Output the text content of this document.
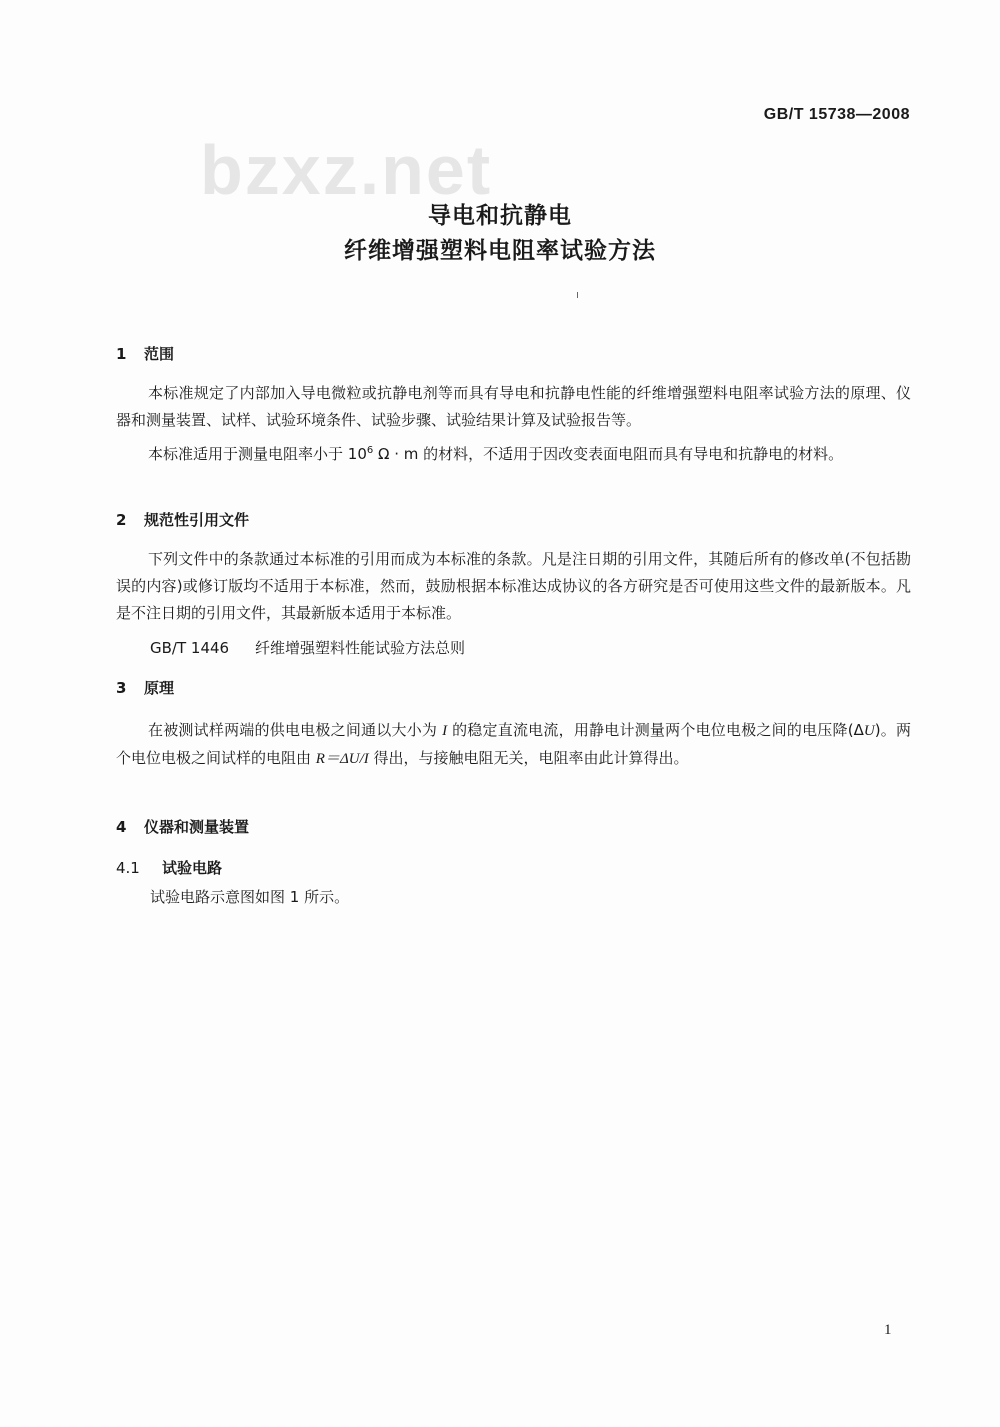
bzxz.net
GB/T 15738—2008
导电和抗静电
纤维增强塑料电阻率试验方法
1 范围

本标准规定了内部加入导电微粒或抗静电剂等而具有导电和抗静电性能的纤维增强塑料电阻率试验方法的原理、仪器和测量装置、试样、试验环境条件、试验步骤、试验结果计算及试验报告等。

本标准适用于测量电阻率小于 $10^6$ Ω · m 的材料，不适用于因改变表面电阻而具有导电和抗静电的材料。

2 规范性引用文件

下列文件中的条款通过本标准的引用而成为本标准的条款。凡是注日期的引用文件，其随后所有的修改单(不包括勘误的内容)或修订版均不适用于本标准，然而，鼓励根据本标准达成协议的各方研究是否可使用这些文件的最新版本。凡是不注日期的引用文件，其最新版本适用于本标准。

GB/T 1446 纤维增强塑料性能试验方法总则
3 原理

在被测试样两端的供电电极之间通以大小为 I 的稳定直流电流，用静电计测量两个电位电极之间的电压降(ΔU)。两个电位电极之间试样的电阻由 R＝ΔU/I 得出，与接触电阻无关，电阻率由此计算得出。

4 仪器和测量装置
4.1 试验电路
试验电路示意图如图 1 所示。
1
